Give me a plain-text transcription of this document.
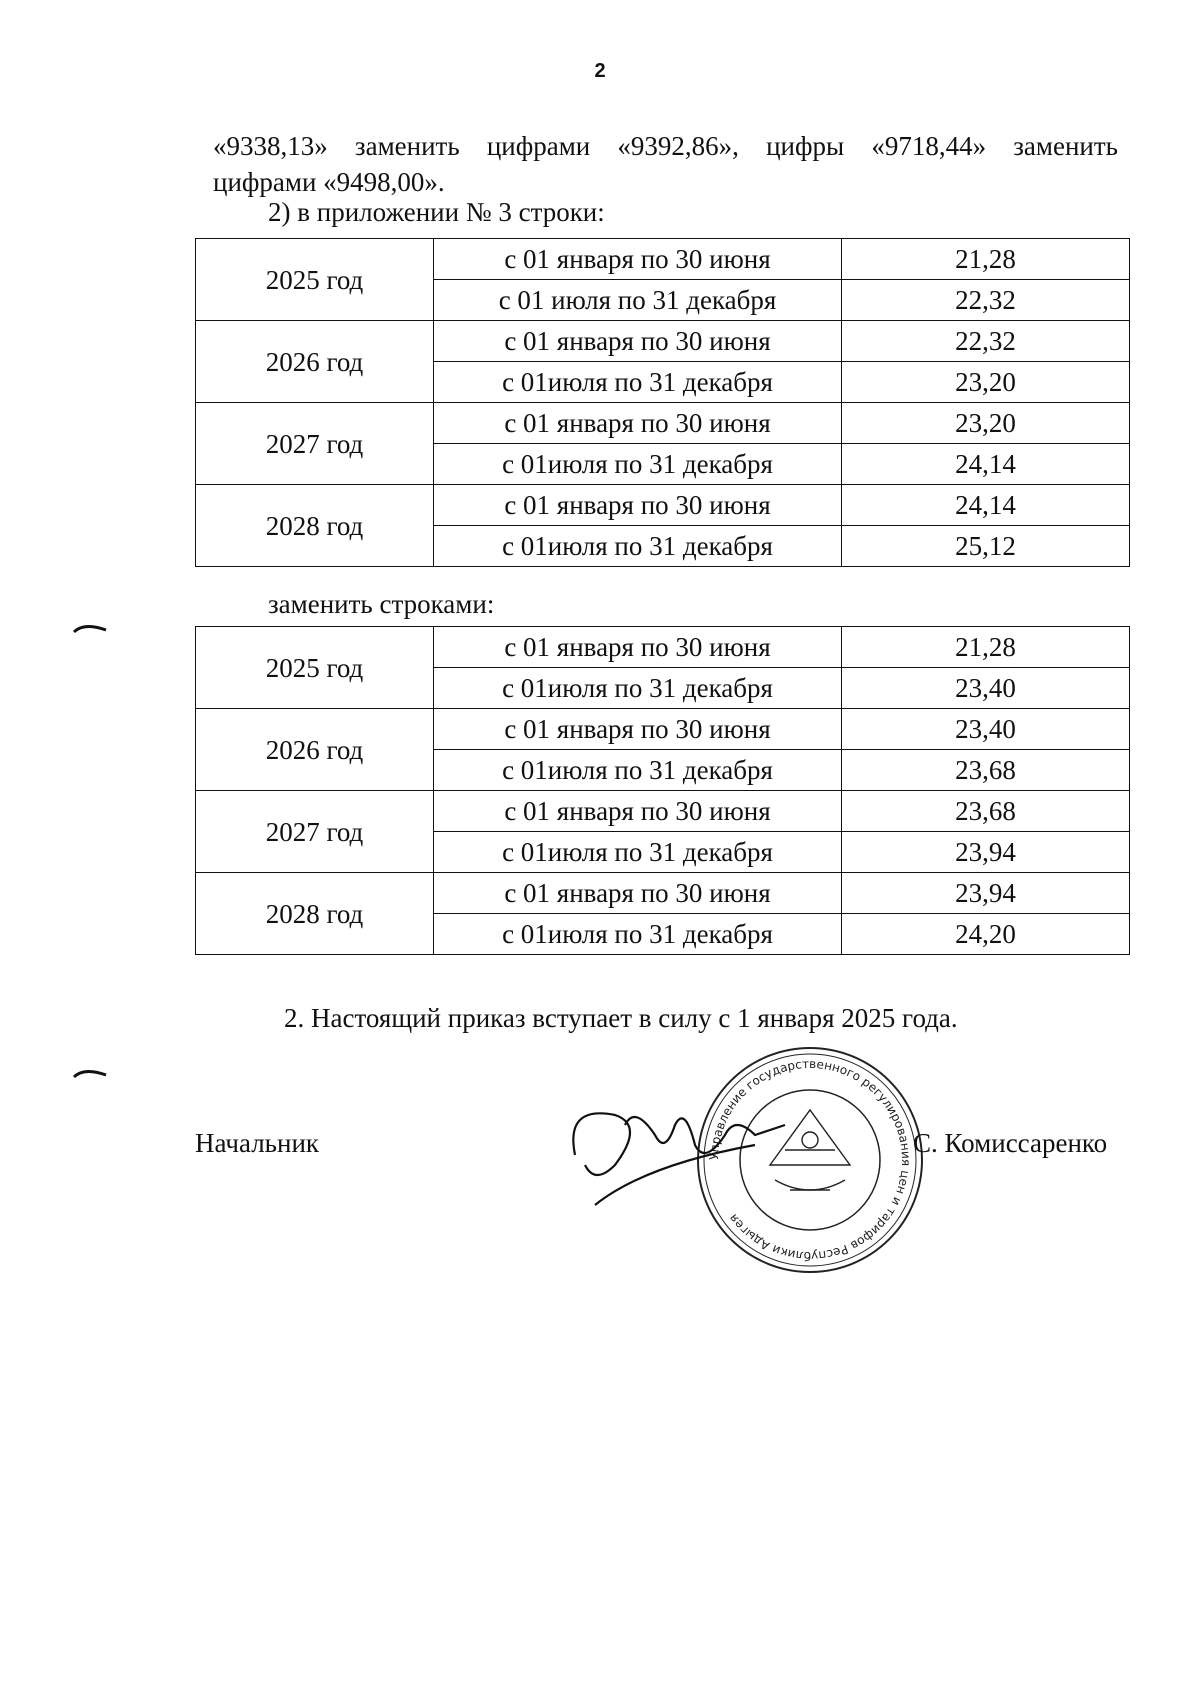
2
«9338,13» заменить цифрами «9392,86», цифры «9718,44» заменить
цифрами «9498,00».
2) в приложении № 3 строки:
2025 год	с 01 января по 30 июня	21,28
	с 01 июля по 31 декабря	22,32
2026 год	с 01 января по 30 июня	22,32
	с 01июля по 31 декабря	23,20
2027 год	с 01 января по 30 июня	23,20
	с 01июля по 31 декабря	24,14
2028 год	с 01 января по 30 июня	24,14
	с 01июля по 31 декабря	25,12
заменить строками:
2025 год	с 01 января по 30 июня	21,28
	с 01июля по 31 декабря	23,40
2026 год	с 01 января по 30 июня	23,40
	с 01июля по 31 декабря	23,68
2027 год	с 01 января по 30 июня	23,68
	с 01июля по 31 декабря	23,94
2028 год	с 01 января по 30 июня	23,94
	с 01июля по 31 декабря	24,20
2. Настоящий приказ вступает в силу с 1 января 2025 года.
Начальник	Управление государственного регулирования цен и тарифов Республики Адыгея
С. Комиссаренко
